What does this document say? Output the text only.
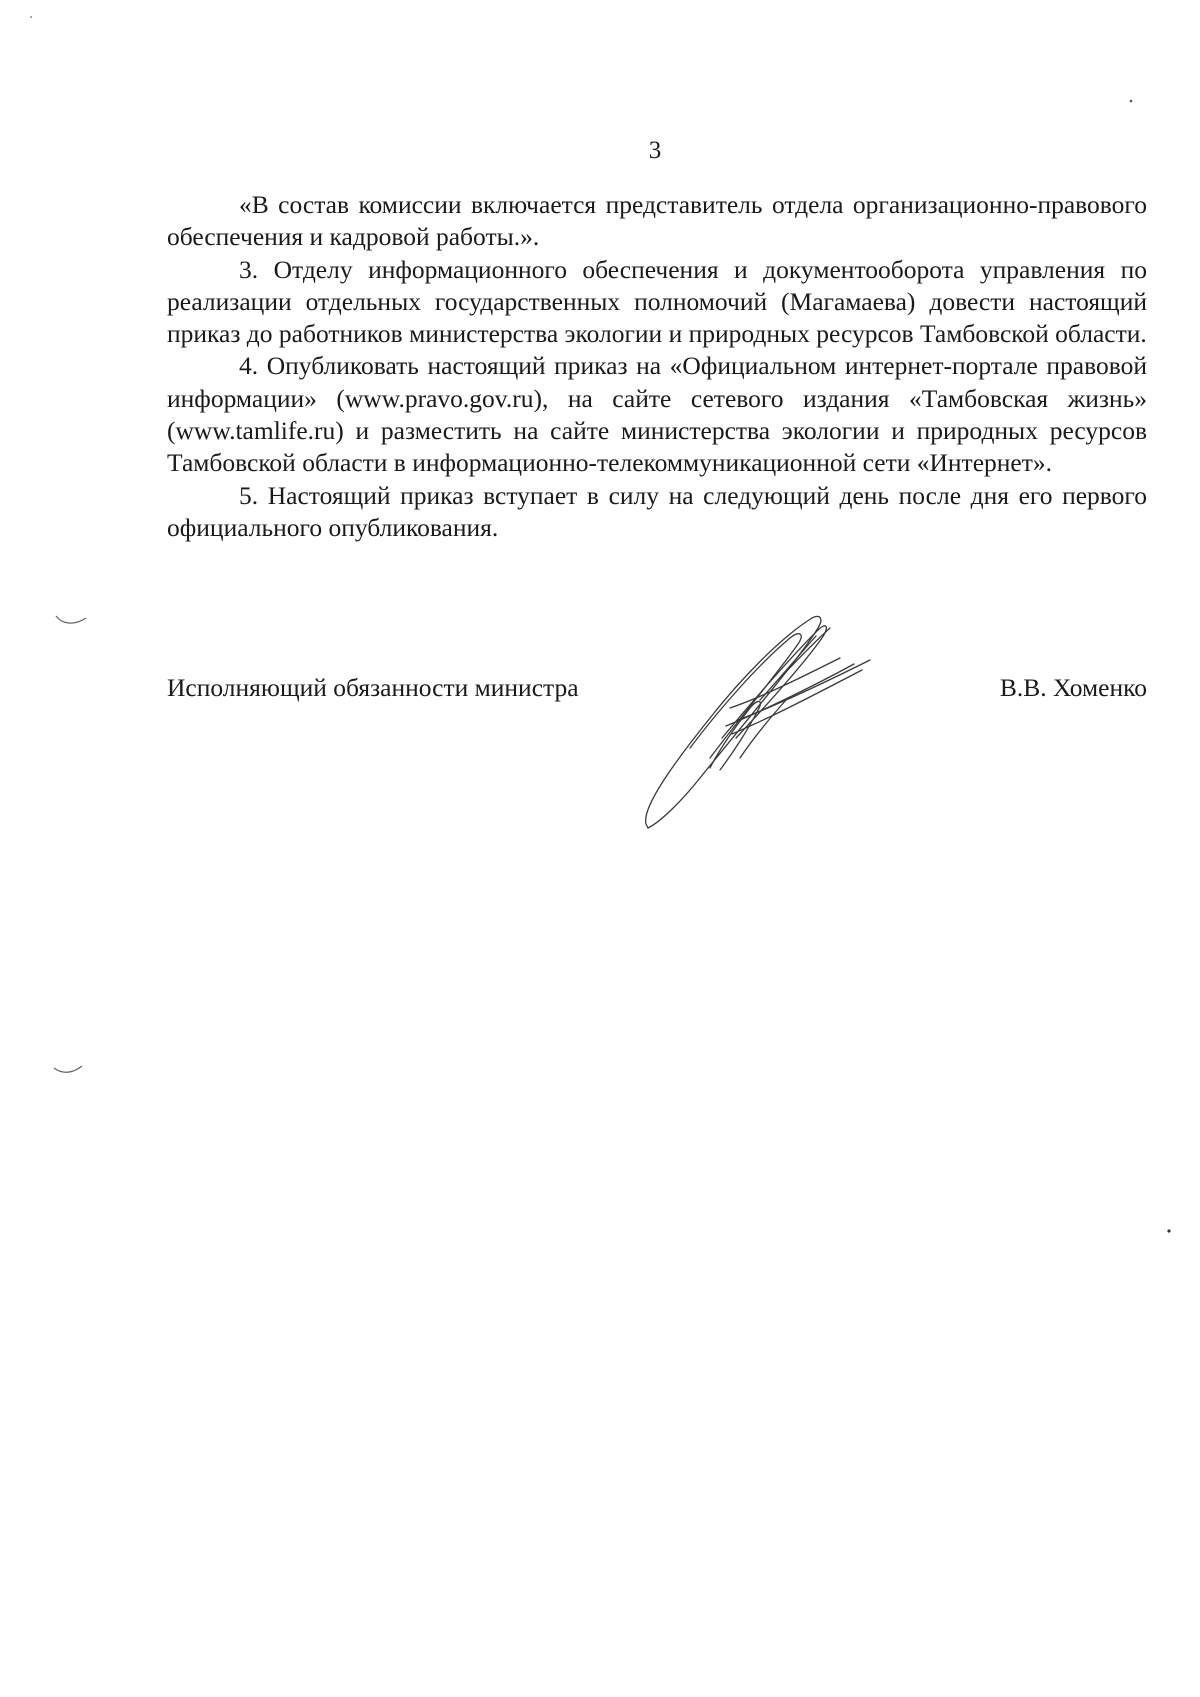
3

«В состав комиссии включается представитель отдела организационно-правового обеспечения и кадровой работы.».

3. Отделу информационного обеспечения и документооборота управления по реализации отдельных государственных полномочий (Магамаева) довести настоящий приказ до работников министерства экологии и природных ресурсов Тамбовской области.

4. Опубликовать настоящий приказ на «Официальном интернет-портале правовой информации» (www.pravo.gov.ru), на сайте сетевого издания «Тамбовская жизнь» (www.tamlife.ru) и разместить на сайте министерства экологии и природных ресурсов Тамбовской области в информационно-телекоммуникационной сети «Интернет».

5. Настоящий приказ вступает в силу на следующий день после дня его первого официального опубликования.

Исполняющий обязанности министра	В.В. Хоменко
